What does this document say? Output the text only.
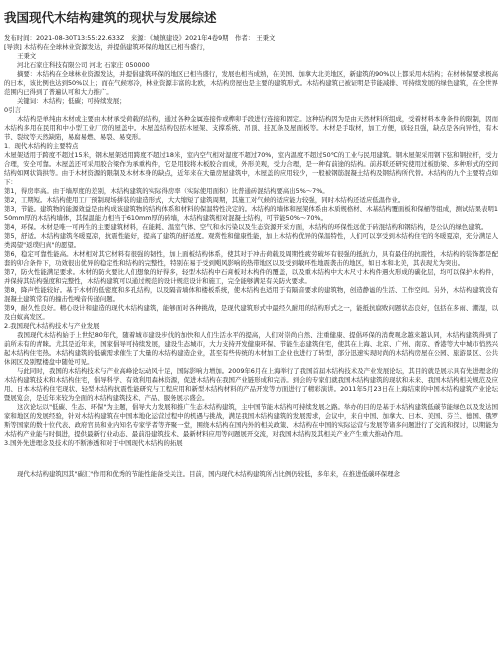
我国现代木结构建筑的现状与发展综述

发布时间：2021-08-30T13:55:22.633Z　来源：《城镇建设》2021年4卷9期　作者： 王秉文

[导读] 木结构在全球林业资源发达，并提倡建筑环保的地区已相当盛行，

王秉文

河北石家庄科技有限公司 河北 石家庄 050000

摘要：木结构在全球林业资源发达，并提倡建筑环保的地区已相当盛行，发展也相当成熟，在美国、加拿大北美地区，新建筑的90%以上都采用木结构；在材林保要求极高的日本，该比例也达到50%以上；而在气候寒冷，林业资源丰富的北欧，木结构房屋也是主要的建筑形式。木结构建筑已被证明是节能减排、可持续发展的绿色建筑，在全世界范围内已得到了普遍认可和大力推广。

关键词：木结构；低碳；可持续发展；

0引言

木结构是单纯由木材或主要由木材承受荷载的结构，通过各种金属连接件或榫卯手段进行连接和固定。这种结构因为是由天然材料所组成，受着材料本身条件的限制，因而木结构多用在民用和中小型工业厂房的屋盖中。木屋盖结构包括木屋架、支撑系统、吊顶、挂瓦条及屋面板等。木材是手取材，加工方便，质轻且强，缺点是各向异性，有木节、裂纹等天然缺陷，易腐易燃、易裂、易变形。

1．现代木结构的主要特点

木屋架适用于跨度不超过15米，钢木屋架适用跨度不超过18米，室内空气相对湿度不超过70%，室内温度不超过50℃的工业与民用建筑。钢木屋架采用钢下弦和钢拉杆，受力合理，安全可靠。木屋盖还可采用胶合梁作为承重构件，它是用胶将木板胶合而成，外形美观，受力合理，是一种有前途的结构。前苏联还研究使用过板肋梁、多种形式的空间结构如网状筒拱等。由于木材资源的限制及木材本身的缺点，近年来在大量房屋建筑中，木屋盖的应用较少，一般被钢筋混凝土结构及钢结构所代替。木结构的九个主要特点如下：

第1，得房率高。由于墙厚度的差别，木结构建筑的实际得房率（实际使用面积）比普通砖混结构要高出5%～7%。

第2，工期短。木结构使用工厂预制现场拼装的建造形式，大大缩短了建筑周期，其施工对气候的适应能力较强，同时木结构还适应低温作业。

第3，节能。建筑物的能源效益是由构成该建筑物的结构体系和材料的保温特性决定的。木结构的墙体和屋架体系由木质规格材、木基结构覆面板和保桶等组成，测试结果表明150mm厚的木结构墙体，其保温能力相当于610mm厚的砖墙，木结构建筑相对混凝土结构，可节能50%～70%。

第4，环保。木材是唯一可再生的主要建筑材料，在能耗、温室气体、空气和水污染以及生态资源开采方面，木结构的环保性远优于砖混结构和钢结构，是公认的绿色建筑。

第5，舒适。木结构建筑冬暖夏凉，抗震性能好，提高了建筑的舒适度。观赏性和健康性能，加上木结构优异的保温特性，人们可以享受到木结构住宅的冬暖夏凉，充分满足人类渴望"返璞归真"的愿望。

第6，稳定可靠性能高。木材相对其它材料有很强的韧性，加上面板结构体系，使其对于冲击荷载及周期性疲劳破坏有很强的抵抗力，具有最佳的抗震性，木结构的装饰都是配套的卯合条件下，功效很出优异的稳定性和结构的完整性，特别在易于受到飓风影响的热带地区以及受到敏环性地震袭击的地区，如日本和北美，其表现尤为突出。

第7，防火性能满足要求。木材的防火要比人们想象的好得多，轻型木结构中石膏板对木构件的覆盖，以及重木结构中大木尺寸木构件遇火形成的碳化层，均可以保护木构件，并保持其结构强度和完整性，木结构建筑可以通过规范的设计规范设计和施工，完全能够满足有关防火要求。

第8，降声性能较好。基于木材的低密度和多孔结构，以及隔音墙体和楼板系统，使木结构也适用于有隔音要求的建筑物，创造静谧的生活、工作空间。另外，木结构建筑没有混凝土建筑常有的撞击性噪音传递问题。

第9，耐久性良好。精心设计和建造的现代木结构建筑，能够面对各种挑战，是现代建筑形式中最经久耐用的结构形式之一，能抵抗腐败问题状态良好，包括在多雨、潮湿，以及白蚁高发区。

2.我国现代木结构技术与产业发展

我国现代木结构始于上世纪80年代，随着城市建设步伐的加快和人们生活水平的提高，人们对崇尚自然、注重健康、提倡环保的消费观念越来越认同，木结构建筑得到了前所未有的青睐。尤其是近年来，国家倡导可持续发展，建设生态城市，大力支持开发健康环保、节能生态建筑住宅，使其在上海、北京、广州、南京、香港等大中城市悄然兴起木结构住宅热。木结构建筑的低碳需求催生了大量的木结构建造企业，甚至有些传统的木材加工企业也进行了转型，部分迅速实现时尚的木结构房屋在公园、旅游景区、公共休闲区及别墅楼盘中随处可见。

与此同时，我国的木结构技术与产业高峰论坛动风十足，国际影响力增加。2009年6月在上海举行了我国首届木结构技术及产业发展论坛，其目的就是展示具有先进理念的木结构建筑技术和木结构住宅，倡导科学、有效利用森林资源，促进木结构在我国产业链形成和完善。到会的专家们就我国木结构建筑的现状和未来、我国木结构相关规范及应用、日本木结构住宅现状、轻型木结构抗震性能研究与工程应用和新型木结构材料的产品开发等方面进行了精彩演讲。2011年5月23日在上海结束的中国木结构建筑产业论坛暨展览会，是近年来较为全面的木结构建筑技术、产品、服务展示盛会。

这次论坛以"低碳、生态、环保"为主题，倡导大力发展和推广生态木结构建筑，主中国节能木结构可持续发展之路。举办的目的是基于木结构建筑低碳节能绿色以及发达国家和地区的发展经验，针对木结构建筑在中国本地化运营过程中的机遇与挑战，满足我国木结构建筑的发展需求，会议中，来自中国、加拿大、日本、美国、芬兰、德国、俄罗斯等国家的数十位代表、政府官员和业内知名专家学者等齐聚一堂，围绕木结构在国内外的相关政策、木结构在中国的实际运营与发展等诸多问题进行了交流和探讨，以期能为木结构产业能与时俱进，提供最新行业动态、最前沿建筑技术、最新材料应用等问题展开交流，对我国木结构及其相关产业产生重大推动作用。

3.国外先进理念及技术的不断渗透和对于中国现代木结构的拓展

现代木结构建筑因其"碳汇"作用和优秀的节能性能备受关注。目前，国内现代木结构建筑所占比例仍较低，多年来，在推进低碳环保理念
